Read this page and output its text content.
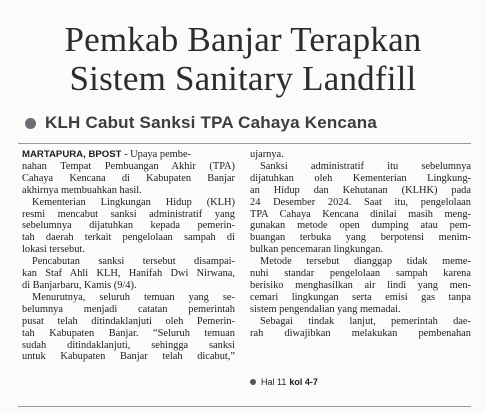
Pemkab Banjar Terapkan
Sistem Sanitary Landfill
KLH Cabut Sanksi TPA Cahaya Kencana
MARTAPURA, BPOST - Upaya pembe-
nahan Tempat Pembuangan Akhir (TPA)
Cahaya Kencana di Kabupaten Banjar
akhirnya membuahkan hasil.
Kementerian Lingkungan Hidup (KLH)
resmi mencabut sanksi administratif yang
sebelumnya dijatuhkan kepada pemerin-
tah daerah terkait pengelolaan sampah di
lokasi tersebut.
Pencabutan sanksi tersebut disampai-
kan Staf Ahli KLH, Hanifah Dwi Nirwana,
di Banjarbaru, Kamis (9/4).
Menurutnya, seluruh temuan yang se-
belumnya menjadi catatan pemerintah
pusat telah ditindaklanjuti oleh Pemerin-
tah Kabupaten Banjar. “Seluruh temuan
sudah ditindaklanjuti, sehingga sanksi
untuk Kabupaten Banjar telah dicabut,”
ujarnya.
Sanksi administratif itu sebelumnya
dijatuhkan oleh Kementerian Lingkung-
an Hidup dan Kehutanan (KLHK) pada
24 Desember 2024. Saat itu, pengelolaan
TPA Cahaya Kencana dinilai masih meng-
gunakan metode open dumping atau pem-
buangan terbuka yang berpotensi menim-
bulkan pencemaran lingkungan.
Metode tersebut dianggap tidak meme-
nuhi standar pengelolaan sampah karena
berisiko menghasilkan air lindi yang men-
cemari lingkungan serta emisi gas tanpa
sistem pengendalian yang memadai.
Sebagai tindak lanjut, pemerintah dae-
rah diwajibkan melakukan pembenahan
Hal 11 kol 4-7
